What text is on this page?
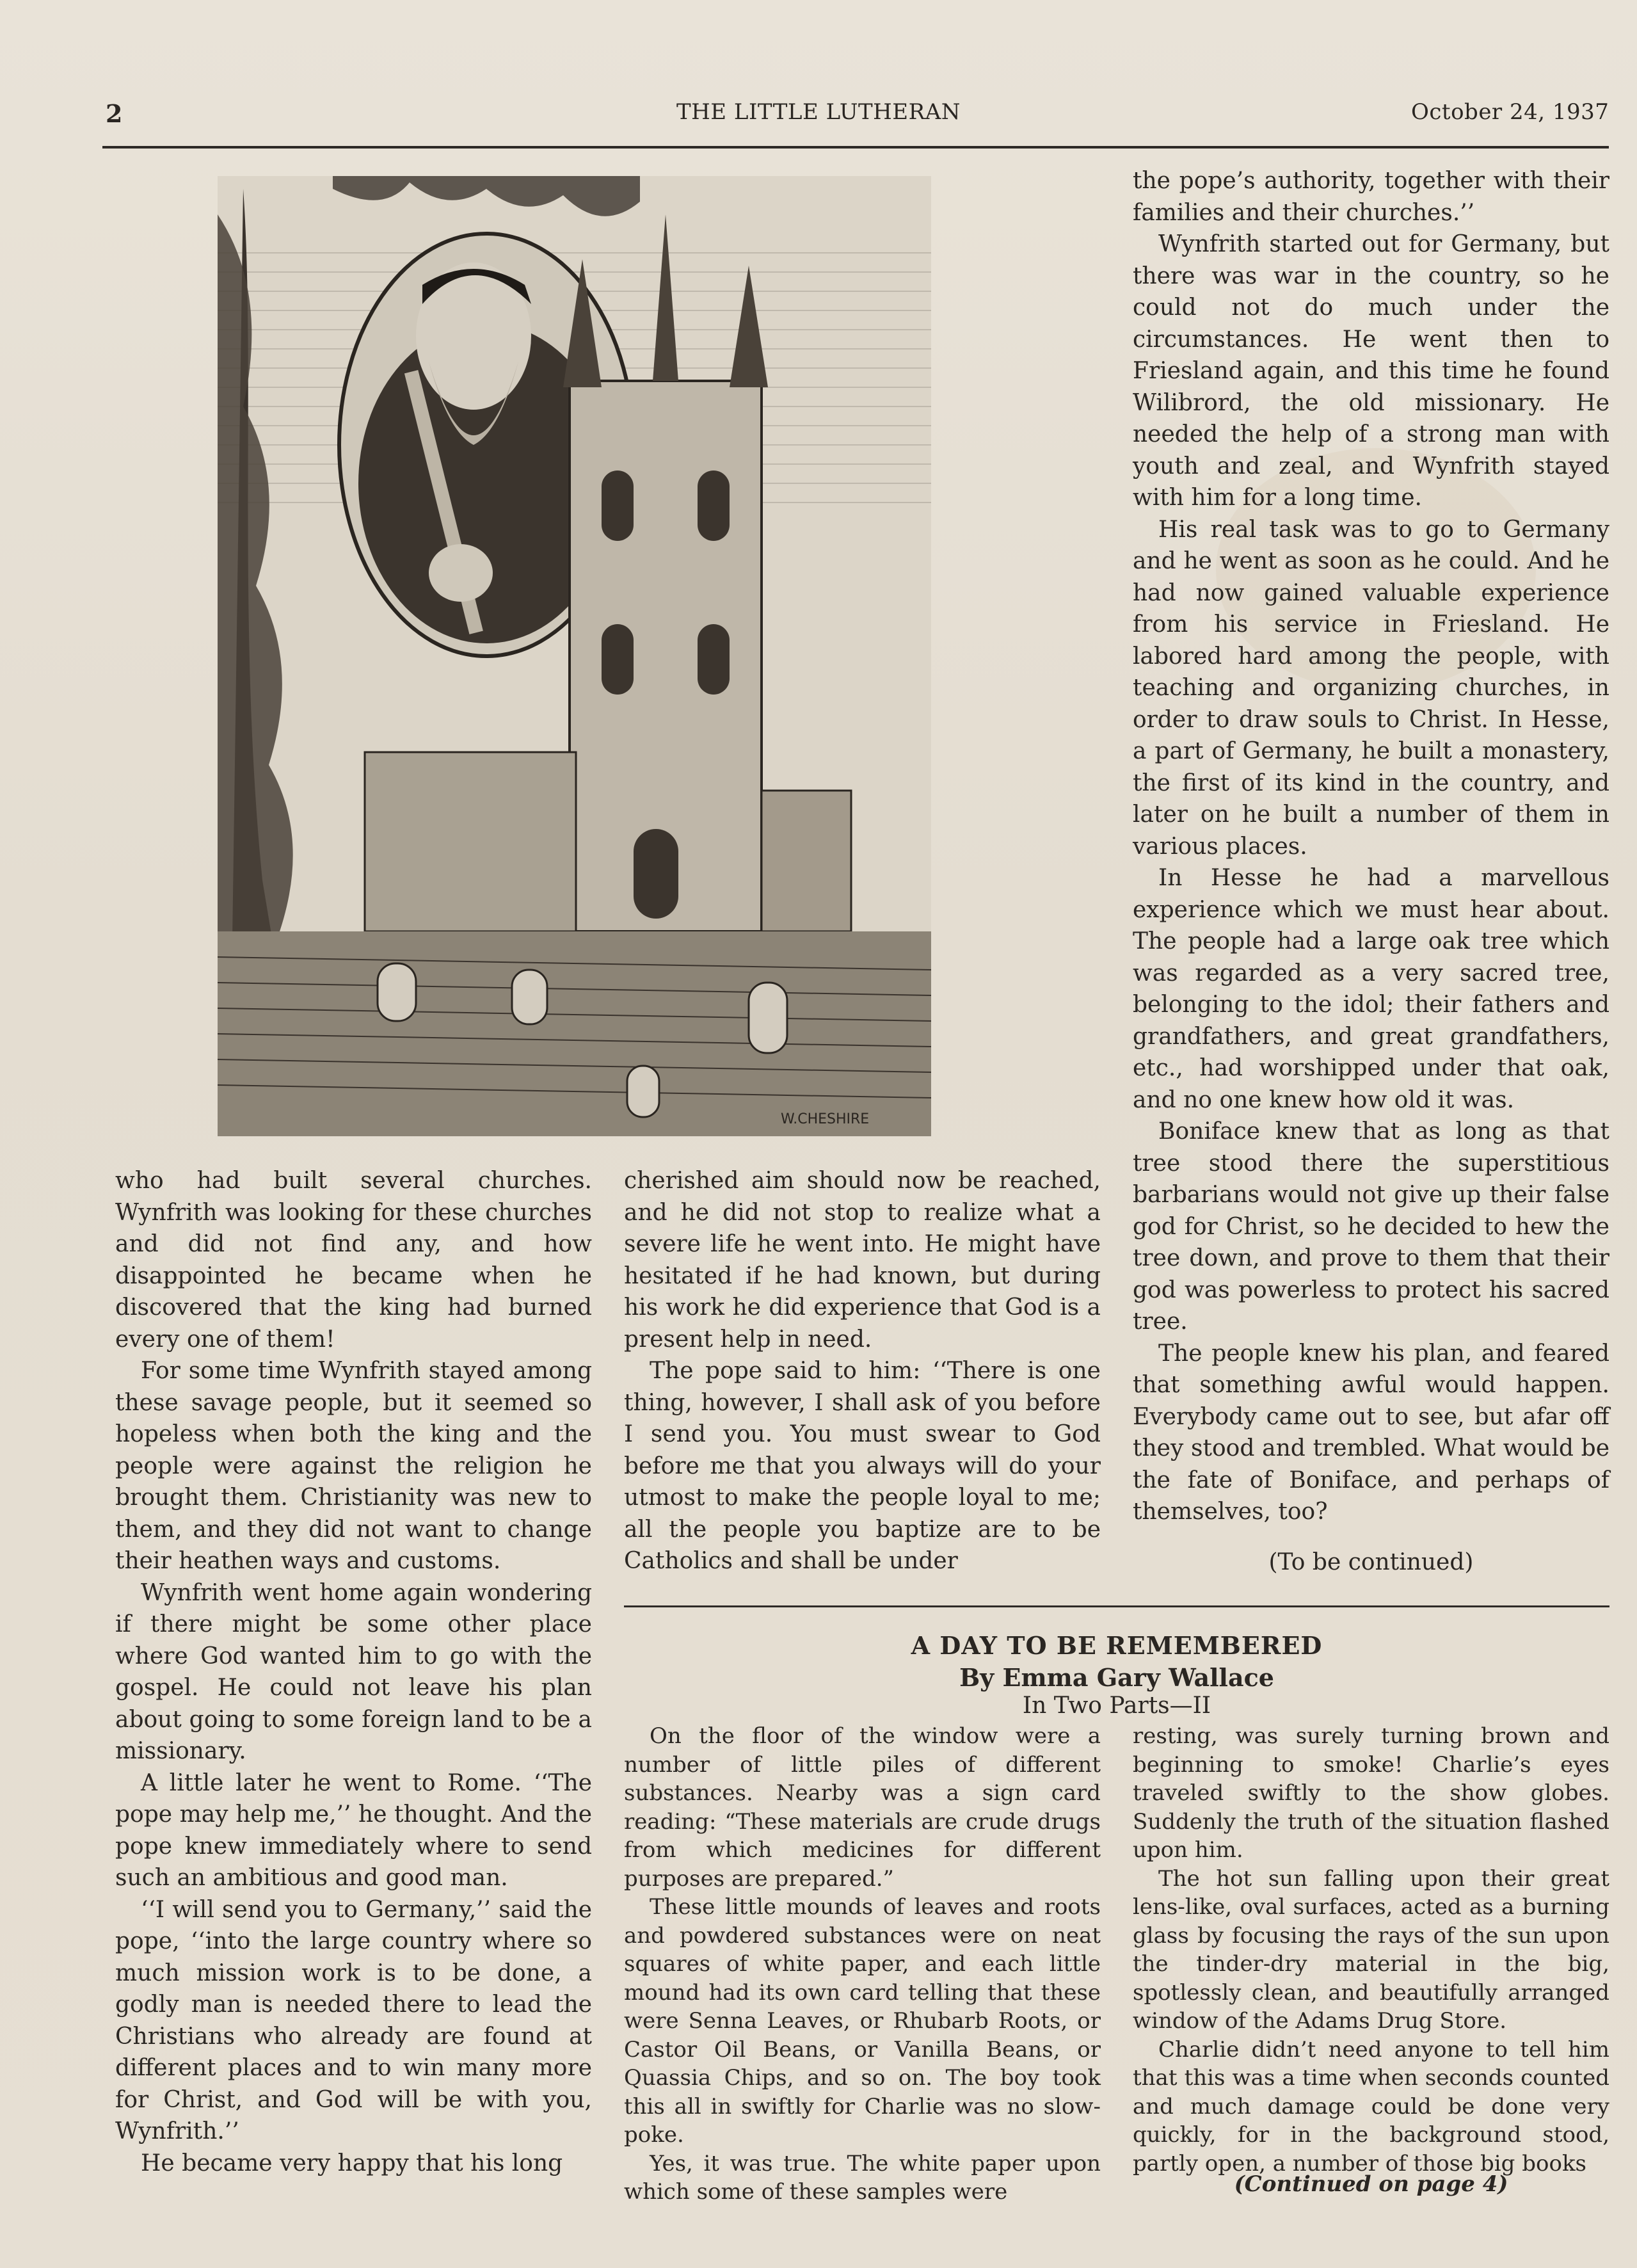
2	THE LITTLE LUTHERAN	October 24, 1937
W.CHESHIRE

the pope’s authority, together with their families and their churches.’’

Wynfrith started out for Germany, but there was war in the country, so he could not do much under the circumstances. He went then to Friesland again, and this time he found Wilibrord, the old missionary. He needed the help of a strong man with youth and zeal, and Wynfrith stayed with him for a long time.

His real task was to go to Germany and he went as soon as he could. And he had now gained valuable experience from his service in Friesland. He labored hard among the people, with teaching and organizing churches, in order to draw souls to Christ. In Hesse, a part of Germany, he built a monastery, the first of its kind in the country, and later on he built a number of them in various places.

In Hesse he had a marvellous experience which we must hear about. The people had a large oak tree which was regarded as a very sacred tree, belonging to the idol; their fathers and grandfathers, and great grandfathers, etc., had worshipped under that oak, and no one knew how old it was.

Boniface knew that as long as that tree stood there the superstitious barbarians would not give up their false god for Christ, so he decided to hew the tree down, and prove to them that their god was powerless to protect his sacred tree.

The people knew his plan, and feared that something awful would happen. Everybody came out to see, but afar off they stood and trembled. What would be the fate of Boniface, and perhaps of themselves, too?

(To be continued)

who had built several churches. Wynfrith was looking for these churches and did not find any, and how disappointed he became when he discovered that the king had burned every one of them!

For some time Wynfrith stayed among these savage people, but it seemed so hopeless when both the king and the people were against the religion he brought them. Christianity was new to them, and they did not want to change their heathen ways and customs.

Wynfrith went home again wondering if there might be some other place where God wanted him to go with the gospel. He could not leave his plan about going to some foreign land to be a missionary.

A little later he went to Rome. ‘‘The pope may help me,’’ he thought. And the pope knew immediately where to send such an ambitious and good man.

‘‘I will send you to Germany,’’ said the pope, ‘‘into the large country where so much mission work is to be done, a godly man is needed there to lead the Christians who already are found at different places and to win many more for Christ, and God will be with you, Wynfrith.’’

He became very happy that his long

cherished aim should now be reached, and he did not stop to realize what a severe life he went into. He might have hesitated if he had known, but during his work he did experience that God is a present help in need.

The pope said to him: ‘‘There is one thing, however, I shall ask of you before I send you. You must swear to God before me that you always will do your utmost to make the people loyal to me; all the people you baptize are to be Catholics and shall be under

A DAY TO BE REMEMBERED
By Emma Gary Wallace
In Two Parts—II

On the floor of the window were a number of little piles of different substances. Nearby was a sign card reading: “These materials are crude drugs from which medicines for different purposes are prepared.”

These little mounds of leaves and roots and powdered substances were on neat squares of white paper, and each little mound had its own card telling that these were Senna Leaves, or Rhubarb Roots, or Castor Oil Beans, or Vanilla Beans, or Quassia Chips, and so on. The boy took this all in swiftly for Charlie was no slow-poke.

Yes, it was true. The white paper upon which some of these samples were

resting, was surely turning brown and beginning to smoke! Charlie’s eyes traveled swiftly to the show globes. Suddenly the truth of the situation flashed upon him.

The hot sun falling upon their great lens-like, oval surfaces, acted as a burning glass by focusing the rays of the sun upon the tinder-dry material in the big, spotlessly clean, and beautifully arranged window of the Adams Drug Store.

Charlie didn’t need anyone to tell him that this was a time when seconds counted and much damage could be done very quickly, for in the background stood, partly open, a number of those big books

(Continued on page 4)
